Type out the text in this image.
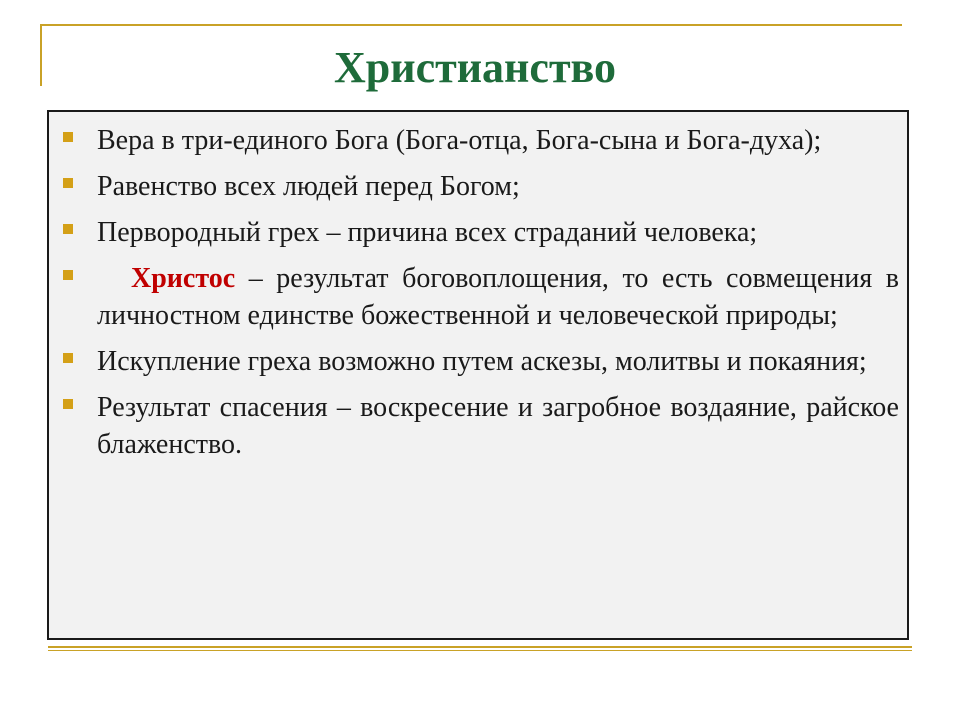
Христианство
Вера в три-единого Бога (Бога-отца, Бога-сына и Бога-духа);
Равенство всех людей перед Богом;
Первородный грех – причина всех страданий человека;
Христос – результат боговоплощения, то есть совмещения в личностном единстве божественной и человеческой природы;
Искупление греха возможно путем аскезы, молитвы и покаяния;
Результат спасения – воскресение и загробное воздаяние, райское блаженство.
